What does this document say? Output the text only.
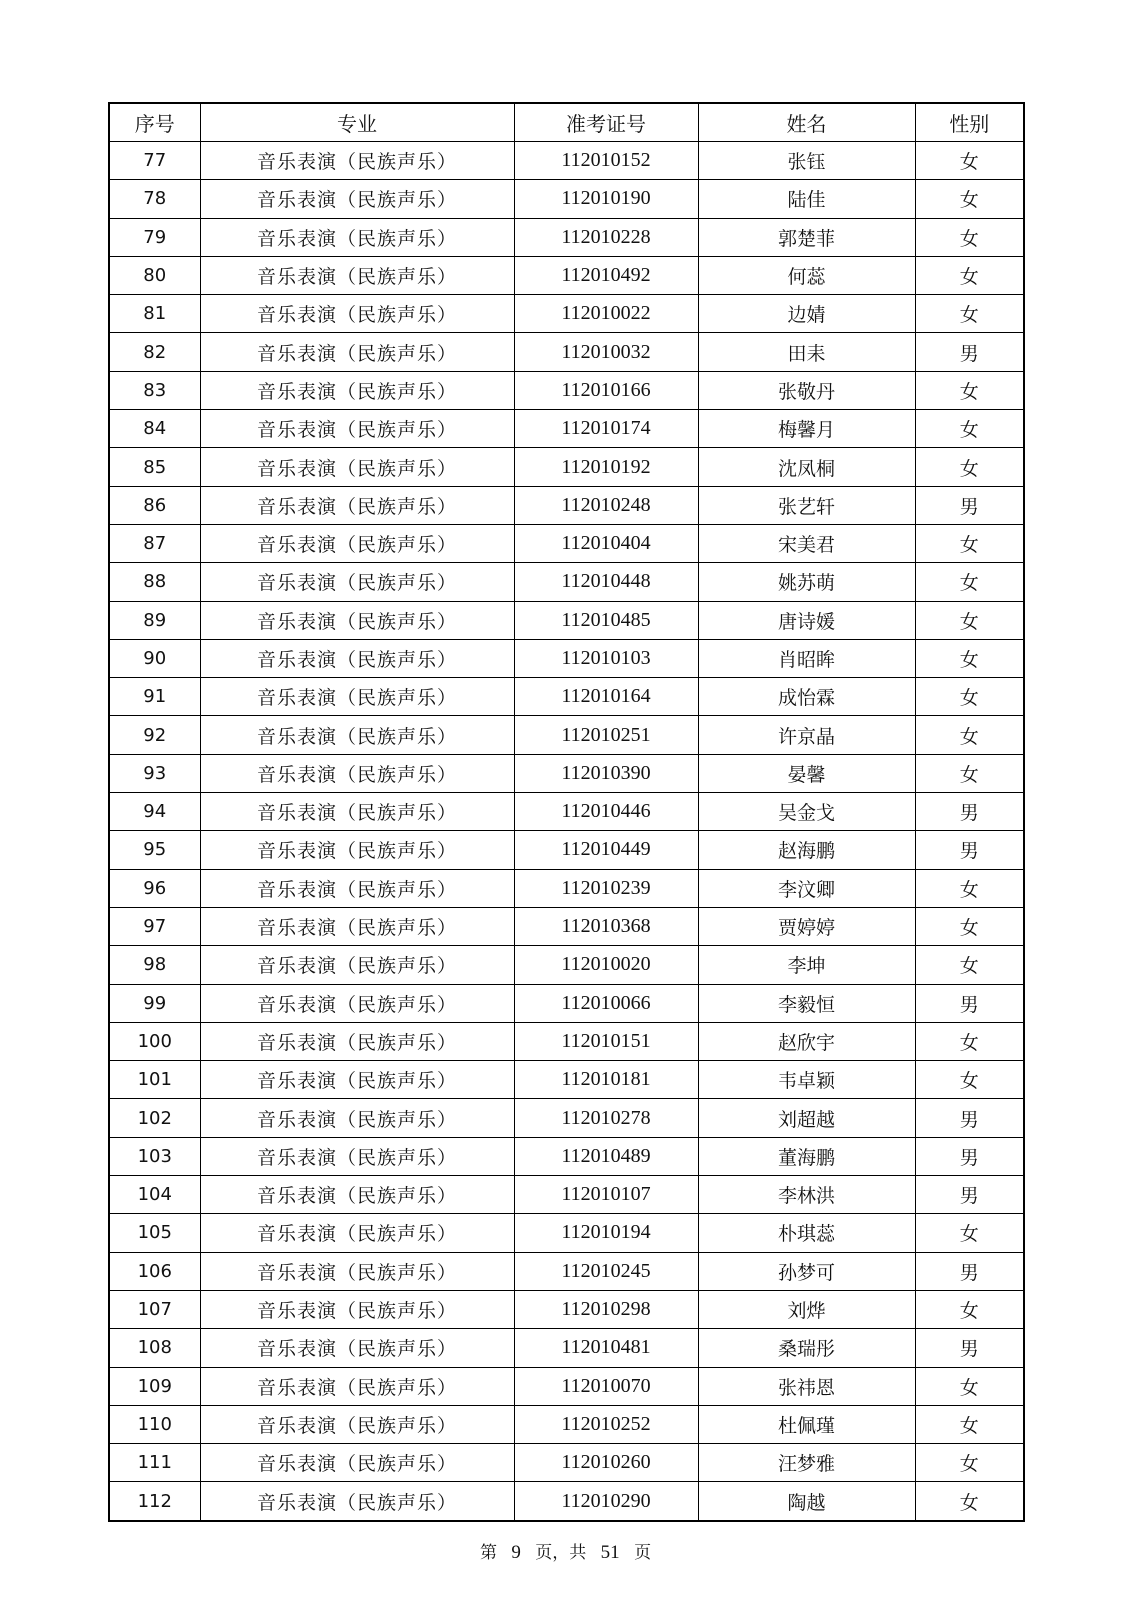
序号	专业	准考证号	姓名	性别
77	音乐表演（民族声乐）	112010152	张钰	女
78	音乐表演（民族声乐）	112010190	陆佳	女
79	音乐表演（民族声乐）	112010228	郭楚菲	女
80	音乐表演（民族声乐）	112010492	何蕊	女
81	音乐表演（民族声乐）	112010022	边婧	女
82	音乐表演（民族声乐）	112010032	田耒	男
83	音乐表演（民族声乐）	112010166	张敬丹	女
84	音乐表演（民族声乐）	112010174	梅馨月	女
85	音乐表演（民族声乐）	112010192	沈凤桐	女
86	音乐表演（民族声乐）	112010248	张艺轩	男
87	音乐表演（民族声乐）	112010404	宋美君	女
88	音乐表演（民族声乐）	112010448	姚苏萌	女
89	音乐表演（民族声乐）	112010485	唐诗媛	女
90	音乐表演（民族声乐）	112010103	肖昭眸	女
91	音乐表演（民族声乐）	112010164	成怡霖	女
92	音乐表演（民族声乐）	112010251	许京晶	女
93	音乐表演（民族声乐）	112010390	晏馨	女
94	音乐表演（民族声乐）	112010446	吴金戈	男
95	音乐表演（民族声乐）	112010449	赵海鹏	男
96	音乐表演（民族声乐）	112010239	李汶卿	女
97	音乐表演（民族声乐）	112010368	贾婷婷	女
98	音乐表演（民族声乐）	112010020	李坤	女
99	音乐表演（民族声乐）	112010066	李毅恒	男
100	音乐表演（民族声乐）	112010151	赵欣宇	女
101	音乐表演（民族声乐）	112010181	韦卓颖	女
102	音乐表演（民族声乐）	112010278	刘超越	男
103	音乐表演（民族声乐）	112010489	董海鹏	男
104	音乐表演（民族声乐）	112010107	李林洪	男
105	音乐表演（民族声乐）	112010194	朴琪蕊	女
106	音乐表演（民族声乐）	112010245	孙梦可	男
107	音乐表演（民族声乐）	112010298	刘烨	女
108	音乐表演（民族声乐）	112010481	桑瑞彤	男
109	音乐表演（民族声乐）	112010070	张祎恩	女
110	音乐表演（民族声乐）	112010252	杜佩瑾	女
111	音乐表演（民族声乐）	112010260	汪梦雅	女
112	音乐表演（民族声乐）	112010290	陶越	女
第 9 页，共 51 页
